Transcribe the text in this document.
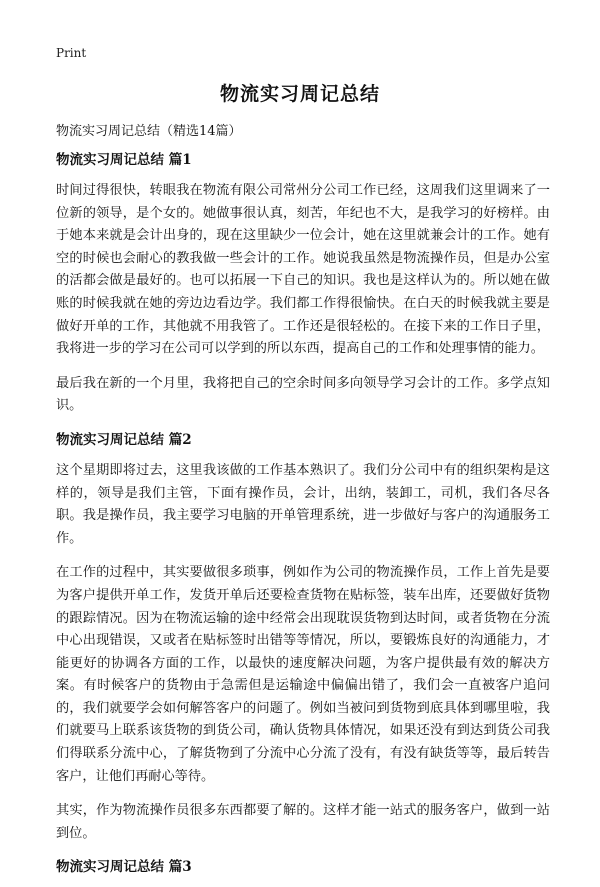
Print
物流实习周记总结

物流实习周记总结（精选14篇）

物流实习周记总结 篇1

时间过得很快，转眼我在物流有限公司常州分公司工作已经，这周我们这里调来了一位新的领导，是个女的。她做事很认真，刻苦，年纪也不大，是我学习的好榜样。由于她本来就是会计出身的，现在这里缺少一位会计，她在这里就兼会计的工作。她有空的时候也会耐心的教我做一些会计的工作。她说我虽然是物流操作员，但是办公室的活都会做是最好的。也可以拓展一下自己的知识。我也是这样认为的。所以她在做账的时候我就在她的旁边边看边学。我们都工作得很愉快。在白天的时候我就主要是做好开单的工作，其他就不用我管了。工作还是很轻松的。在接下来的工作日子里，我将进一步的学习在公司可以学到的所以东西，提高自己的工作和处理事情的能力。

最后我在新的一个月里，我将把自己的空余时间多向领导学习会计的工作。多学点知识。

物流实习周记总结 篇2

这个星期即将过去，这里我该做的工作基本熟识了。我们分公司中有的组织架构是这样的，领导是我们主管，下面有操作员，会计，出纳，装卸工，司机，我们各尽各职。我是操作员，我主要学习电脑的开单管理系统，进一步做好与客户的沟通服务工作。

在工作的过程中，其实要做很多琐事，例如作为公司的物流操作员，工作上首先是要为客户提供开单工作，发货开单后还要检查货物在贴标签，装车出库，还要做好货物的跟踪情况。因为在物流运输的途中经常会出现耽误货物到达时间，或者货物在分流中心出现错误，又或者在贴标签时出错等等情况，所以，要锻炼良好的沟通能力，才能更好的协调各方面的工作，以最快的速度解决问题，为客户提供最有效的解决方案。有时候客户的货物由于急需但是运输途中偏偏出错了，我们会一直被客户追问的，我们就要学会如何解答客户的问题了。例如当被问到货物到底具体到哪里啦，我们就要马上联系该货物的到货公司，确认货物具体情况，如果还没有到达到货公司我们得联系分流中心，了解货物到了分流中心分流了没有，有没有缺货等等，最后转告客户，让他们再耐心等待。

其实，作为物流操作员很多东西都要了解的。这样才能一站式的服务客户，做到一站到位。

物流实习周记总结 篇3
